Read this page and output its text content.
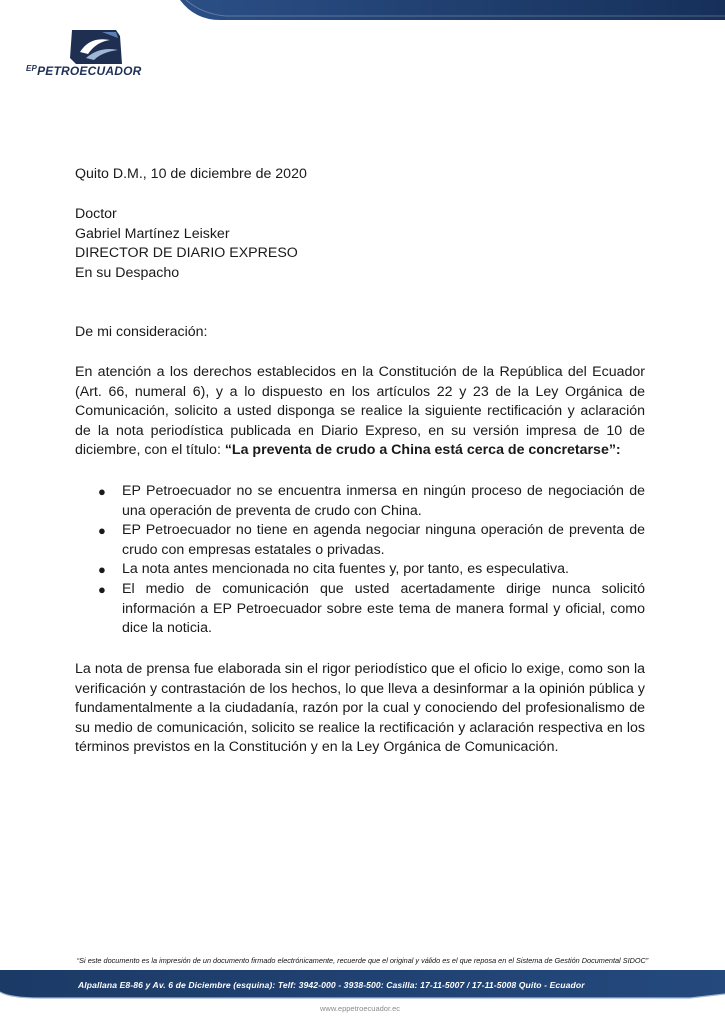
$^{EP}$PETROECUADOR
Quito D.M., 10 de diciembre de 2020
Doctor
Gabriel Martínez Leisker
DIRECTOR DE DIARIO EXPRESO
En su Despacho
De mi consideración:
En atención a los derechos establecidos en la Constitución de la República del Ecuador (Art. 66, numeral 6), y a lo dispuesto en los artículos 22 y 23 de la Ley Orgánica de Comunicación, solicito a usted disponga se realice la siguiente rectificación y aclaración de la nota periodística publicada en Diario Expreso, en su versión impresa de 10 de diciembre, con el título: “La preventa de crudo a China está cerca de concretarse”:
● EP Petroecuador no se encuentra inmersa en ningún proceso de negociación de una operación de preventa de crudo con China.
● EP Petroecuador no tiene en agenda negociar ninguna operación de preventa de crudo con empresas estatales o privadas.
● La nota antes mencionada no cita fuentes y, por tanto, es especulativa.
● El medio de comunicación que usted acertadamente dirige nunca solicitó información a EP Petroecuador sobre este tema de manera formal y oficial, como dice la noticia.
La nota de prensa fue elaborada sin el rigor periodístico que el oficio lo exige, como son la verificación y contrastación de los hechos, lo que lleva a desinformar a la opinión pública y fundamentalmente a la ciudadanía, razón por la cual y conociendo del profesionalismo de su medio de comunicación, solicito se realice la rectificación y aclaración respectiva en los términos previstos en la Constitución y en la Ley Orgánica de Comunicación.
“Si este documento es la impresión de un documento firmado electrónicamente, recuerde que el original y válido es el que reposa en el Sistema de Gestión Documental SIDOC”
Alpallana E8-86 y Av. 6 de Diciembre (esquina): Telf: 3942-000 - 3938-500: Casilla: 17-11-5007 / 17-11-5008 Quito - Ecuador
www.eppetroecuador.ec
